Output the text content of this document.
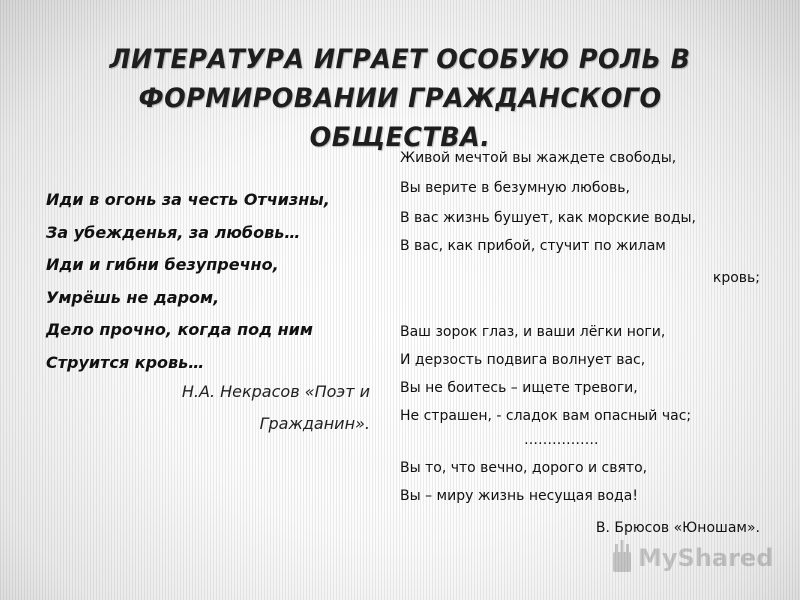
ЛИТЕРАТУРА ИГРАЕТ ОСОБУЮ РОЛЬ В
ФОРМИРОВАНИИ ГРАЖДАНСКОГО ОБЩЕСТВА.
Иди в огонь за честь Отчизны,
За убежденья, за любовь…
Иди и гибни безупречно,
Умрёшь не даром,
Дело прочно, когда под ним
Струится кровь…
Н.А. Некрасов «Поэт и
Гражданин».
Живой мечтой вы жаждете свободы,
Вы верите в безумную любовь,
В вас жизнь бушует, как морские воды,
В вас, как прибой, стучит по жилам
кровь;
Ваш зорок глаз, и ваши лёгки ноги,
И дерзость подвига волнует вас,
Вы не боитесь – ищете тревоги,
Не страшен, - сладок вам опасный час;
…………….
Вы то, что вечно, дорого и свято,
Вы – миру жизнь несущая вода!
В. Брюсов «Юношам».
MyShared
